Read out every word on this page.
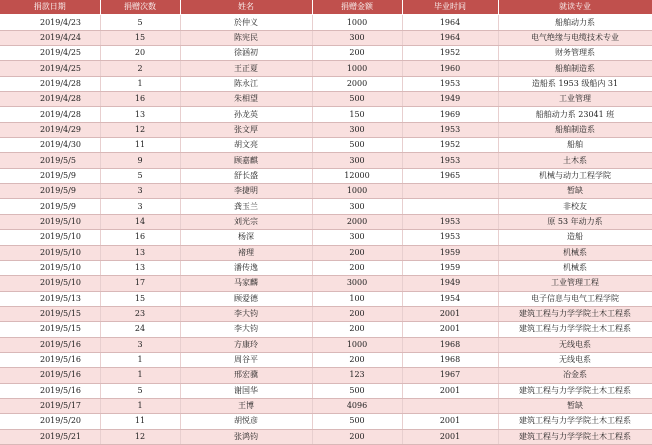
捐款日期	捐赠次数	姓名	捐赠金额	毕业时间	就读专业
2019/4/23	5	於仲义	1000	1964	船舶动力系
2019/4/24	15	陈宪民	300	1964	电气绝缘与电缆技术专业
2019/4/25	20	徐涵初	200	1952	财务管理系
2019/4/25	2	王正夏	1000	1960	船舶制造系
2019/4/28	1	陈永江	2000	1953	造船系 1953 级船内 31
2019/4/28	16	朱相望	500	1949	工业管理
2019/4/28	13	孙龙英	150	1969	船舶动力系 23041 班
2019/4/29	12	张文厚	300	1953	船舶制造系
2019/4/30	11	胡文亮	500	1952	船舶
2019/5/5	9	顾嘉麒	300	1953	土木系
2019/5/9	5	舒长盛	12000	1965	机械与动力工程学院
2019/5/9	3	李捷明	1000		暂缺
2019/5/9	3	龚玉兰	300		非校友
2019/5/10	14	刘光宗	2000	1953	原 53 年动力系
2019/5/10	16	杨深	300	1953	造船
2019/5/10	13	褚理	200	1959	机械系
2019/5/10	13	潘传逸	200	1959	机械系
2019/5/10	17	马家麟	3000	1949	工业管理工程
2019/5/13	15	顾爱德	100	1954	电子信息与电气工程学院
2019/5/15	23	李大钧	200	2001	建筑工程与力学学院土木工程系
2019/5/15	24	李大钧	200	2001	建筑工程与力学学院土木工程系
2019/5/16	3	方康玲	1000	1968	无线电系
2019/5/16	1	周谷平	200	1968	无线电系
2019/5/16	1	邢宏骥	123	1967	冶金系
2019/5/16	5	谢国华	500	2001	建筑工程与力学学院土木工程系
2019/5/17	1	王博	4096		暂缺
2019/5/20	11	胡悦彦	500	2001	建筑工程与力学学院土木工程系
2019/5/21	12	张鸿钧	200	2001	建筑工程与力学学院土木工程系
